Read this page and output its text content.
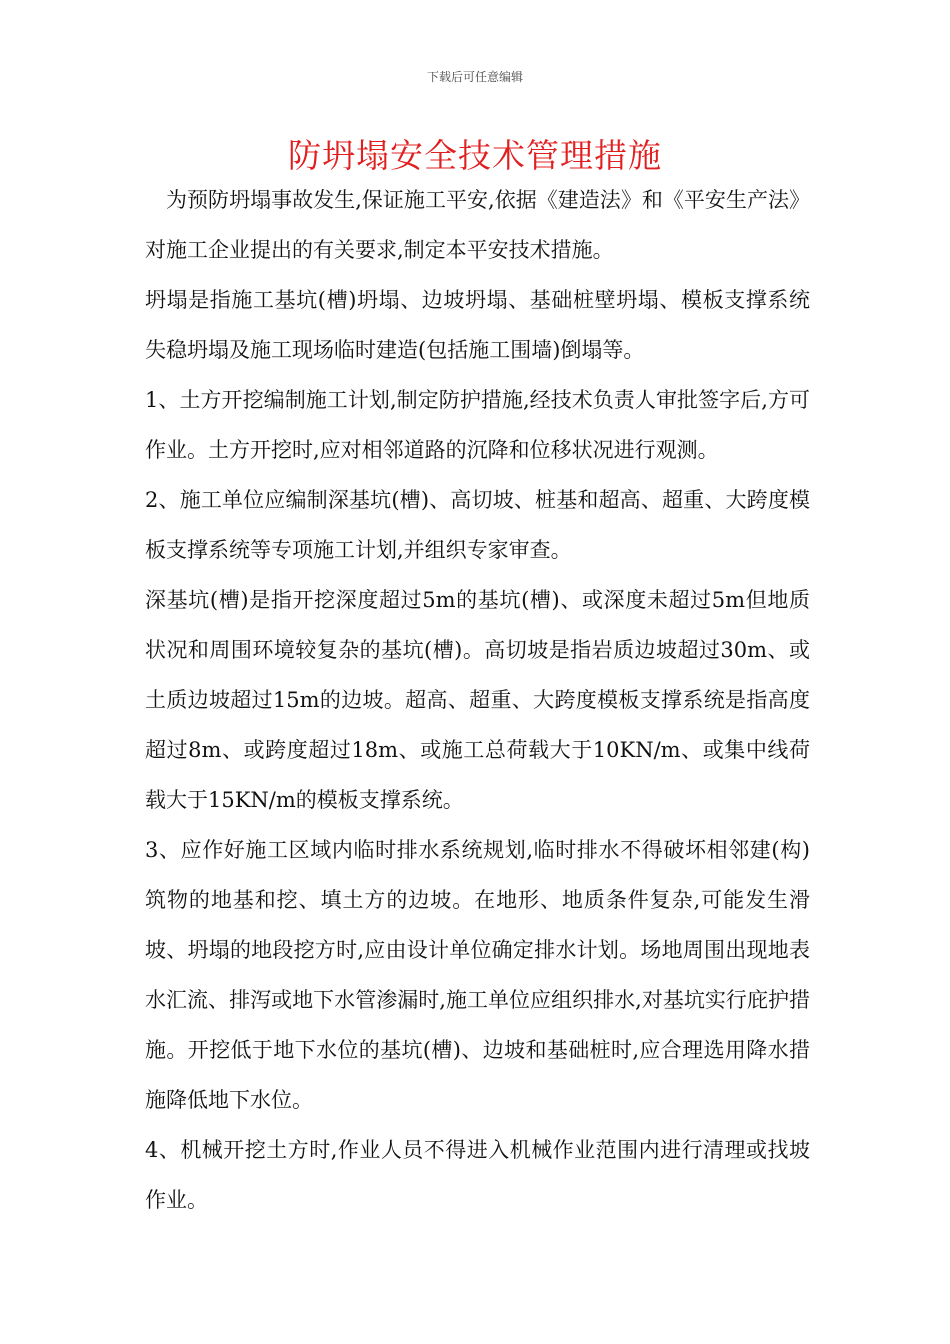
下载后可任意编辑
防坍塌安全技术管理措施

　为预防坍塌事故发生,保证施工平安,依据《建造法》和《平安生产法》对施工企业提出的有关要求,制定本平安技术措施。

坍塌是指施工基坑(槽)坍塌、边坡坍塌、基础桩壁坍塌、模板支撑系统失稳坍塌及施工现场临时建造(包括施工围墙)倒塌等。

1、土方开挖编制施工计划,制定防护措施,经技术负责人审批签字后,方可作业。土方开挖时,应对相邻道路的沉降和位移状况进行观测。

2、施工单位应编制深基坑(槽)、高切坡、桩基和超高、超重、大跨度模板支撑系统等专项施工计划,并组织专家审查。

深基坑(槽)是指开挖深度超过5m的基坑(槽)、或深度未超过5m但地质状况和周围环境较复杂的基坑(槽)。高切坡是指岩质边坡超过30m、或土质边坡超过15m的边坡。超高、超重、大跨度模板支撑系统是指高度超过8m、或跨度超过18m、或施工总荷载大于10KN/m、或集中线荷载大于15KN/m的模板支撑系统。

3、应作好施工区域内临时排水系统规划,临时排水不得破坏相邻建(构)筑物的地基和挖、填土方的边坡。在地形、地质条件复杂,可能发生滑坡、坍塌的地段挖方时,应由设计单位确定排水计划。场地周围出现地表水汇流、排泻或地下水管渗漏时,施工单位应组织排水,对基坑实行庇护措施。开挖低于地下水位的基坑(槽)、边坡和基础桩时,应合理选用降水措施降低地下水位。

4、机械开挖土方时,作业人员不得进入机械作业范围内进行清理或找坡作业。
